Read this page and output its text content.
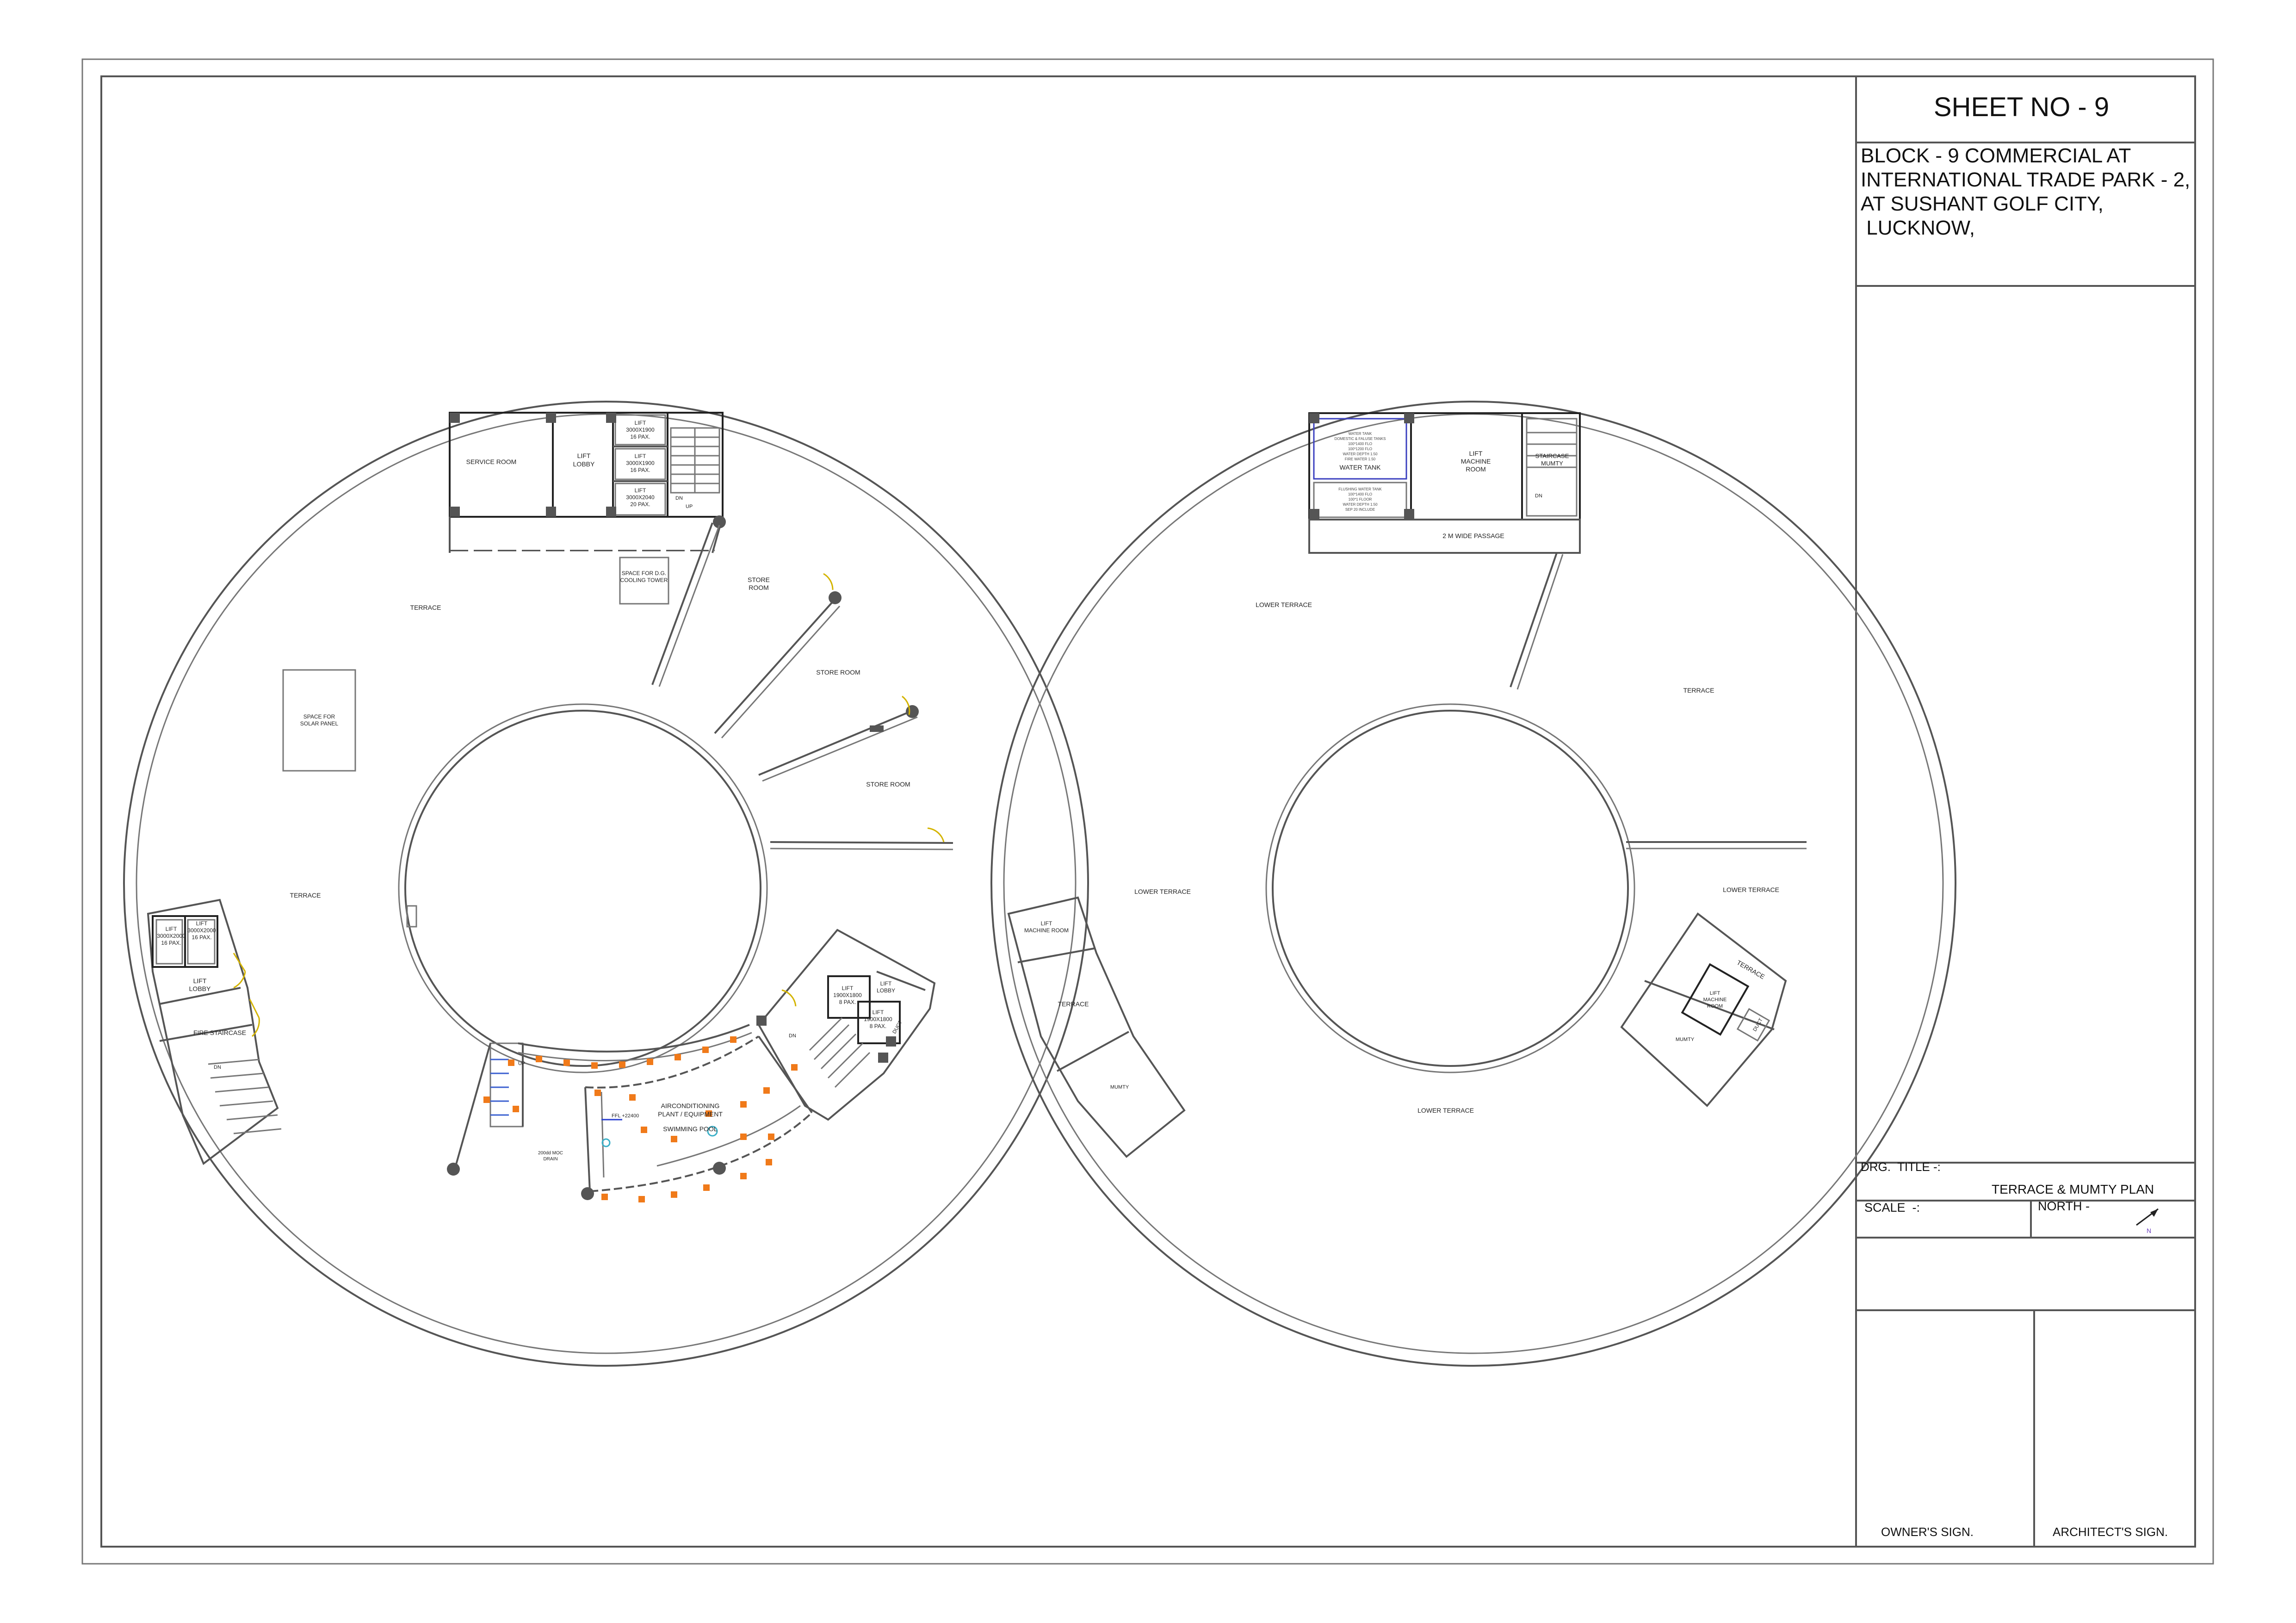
N
SERVICE ROOM
TERRACE
STORE ROOM
STORE ROOM
TERRACE
FIRE STAIRCASE
SWIMMING POOL
FFL +22400
DN
UP
DN
DN
UP
DUCT
LIFT LOBBY
LIFT 3000X1900 16 PAX.
LIFT 3000X1900 16 PAX.
LIFT 3000X2040 20 PAX.
SPACE FOR D.G. COOLING TOWER	STORE ROOM
SPACE FOR SOLAR PANEL
LIFT 3000X2000 16 PAX.
LIFT 3000X2000 16 PAX.
LIFT LOBBY
AIRCONDITIONING PLANT / EQUIPMENT
200dd MOC DRAIN
LIFT LOBBY
LIFT 1900X1800 8 PAX.
LIFT 1900X1800 8 PAX.
WATER TANK
2 M WIDE PASSAGE
LOWER TERRACE
TERRACE
LOWER TERRACE	LOWER TERRACE
TERRACE
MUMTY
LOWER TERRACE
TERRACE
MUMTY
DUCT
DN
WATER TANK DOMESTIC & FALUSE TANKS 100*1400 FLO 100*1200 FLO WATER DEPTH 1.50 FIRE WATER 1.50
FLUSHING WATER TANK 100*1400 FLO 100*1 FLOOR WATER DEPTH 1.50 SEP 20 INCLUDE
LIFT MACHINE ROOM
STAIRCASE MUMTY
LIFT MACHINE ROOM
LIFT MACHINE ROOM
SHEET NO - 9
BLOCK - 9 COMMERCIAL AT
INTERNATIONAL TRADE PARK - 2,
AT SUSHANT GOLF CITY,
LUCKNOW,
DRG.  TITLE -:
TERRACE & MUMTY PLAN
SCALE  -:	NORTH -
OWNER'S SIGN.	ARCHITECT'S SIGN.
